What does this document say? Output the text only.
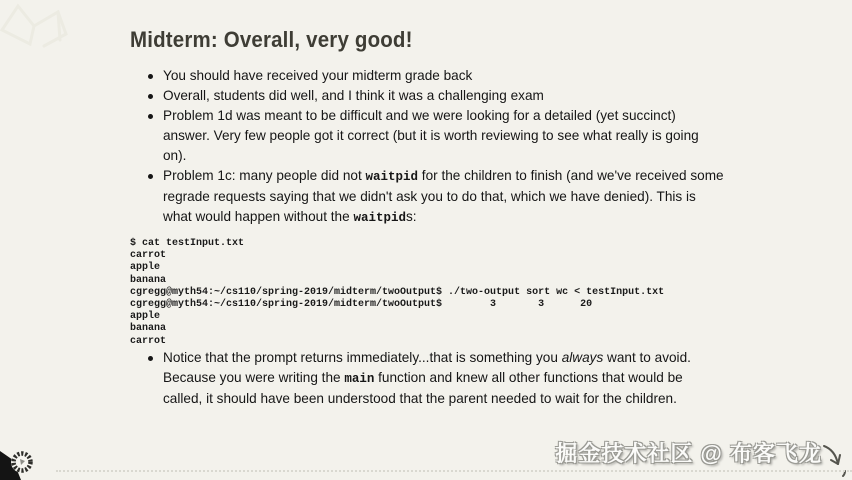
Midterm: Overall, very good!
You should have received your midterm grade back
Overall, students did well, and I think it was a challenging exam
Problem 1d was meant to be difficult and we were looking for a detailed (yet succinct) answer. Very few people got it correct (but it is worth reviewing to see what really is going on).
Problem 1c: many people did not waitpid for the children to finish (and we've received some regrade requests saying that we didn't ask you to do that, which we have denied). This is what would happen without the waitpids:
$ cat testInput.txt
carrot
apple
banana
cgregg@myth54:~/cs110/spring-2019/midterm/twoOutput$ ./two-output sort wc < testInput.txt
cgregg@myth54:~/cs110/spring-2019/midterm/twoOutput$        3       3      20
apple
banana
carrot
Notice that the prompt returns immediately...that is something you always want to avoid. Because you were writing the main function and knew all other functions that would be called, it should have been understood that the parent needed to wait for the children.
掘金技术社区 @ 布客飞龙
